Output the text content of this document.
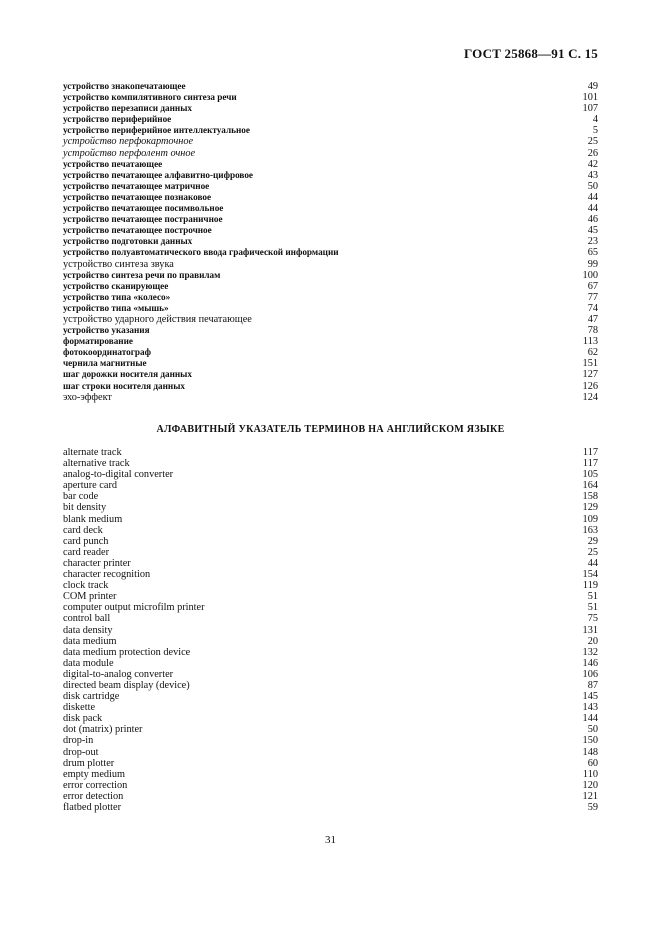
ГОСТ 25868—91 С. 15
устройство знакопечатающее	49
устройство компилятивного синтеза речи	101
устройство перезаписи данных	107
устройство периферийное	4
устройство периферийное интеллектуальное	5
устройство перфокарточное	25
устройство перфолент очное	26
устройство печатающее	42
устройство печатающее алфавитно-цифровое	43
устройство печатающее матричное	50
устройство печатающее познаковое	44
устройство печатающее посимвольное	44
устройство печатающее постраничное	46
устройство печатающее построчное	45
устройство подготовки данных	23
устройство полуавтоматического ввода графической информации	65
устройство синтеза звука	99
устройство синтеза речи по правилам	100
устройство сканирующее	67
устройство типа «колесо»	77
устройство типа «мышь»	74
устройство ударного действия печатающее	47
устройство указания	78
форматирование	113
фотокоординатограф	62
чернила магнитные	151
шаг дорожки носителя данных	127
шаг строки носителя данных	126
эхо-эффект	124
АЛФАВИТНЫЙ УКАЗАТЕЛЬ ТЕРМИНОВ НА АНГЛИЙСКОМ ЯЗЫКЕ
alternate track	117
alternative track	117
analog-to-digital converter	105
aperture card	164
bar code	158
bit density	129
blank medium	109
card deck	163
card punch	29
card reader	25
character printer	44
character recognition	154
clock track	119
COM printer	51
computer output microfilm printer	51
control ball	75
data density	131
data medium	20
data medium protection device	132
data module	146
digital-to-analog converter	106
directed beam display (device)	87
disk cartridge	145
diskette	143
disk pack	144
dot (matrix) printer	50
drop-in	150
drop-out	148
drum plotter	60
empty medium	110
error correction	120
error detection	121
flatbed plotter	59
31
